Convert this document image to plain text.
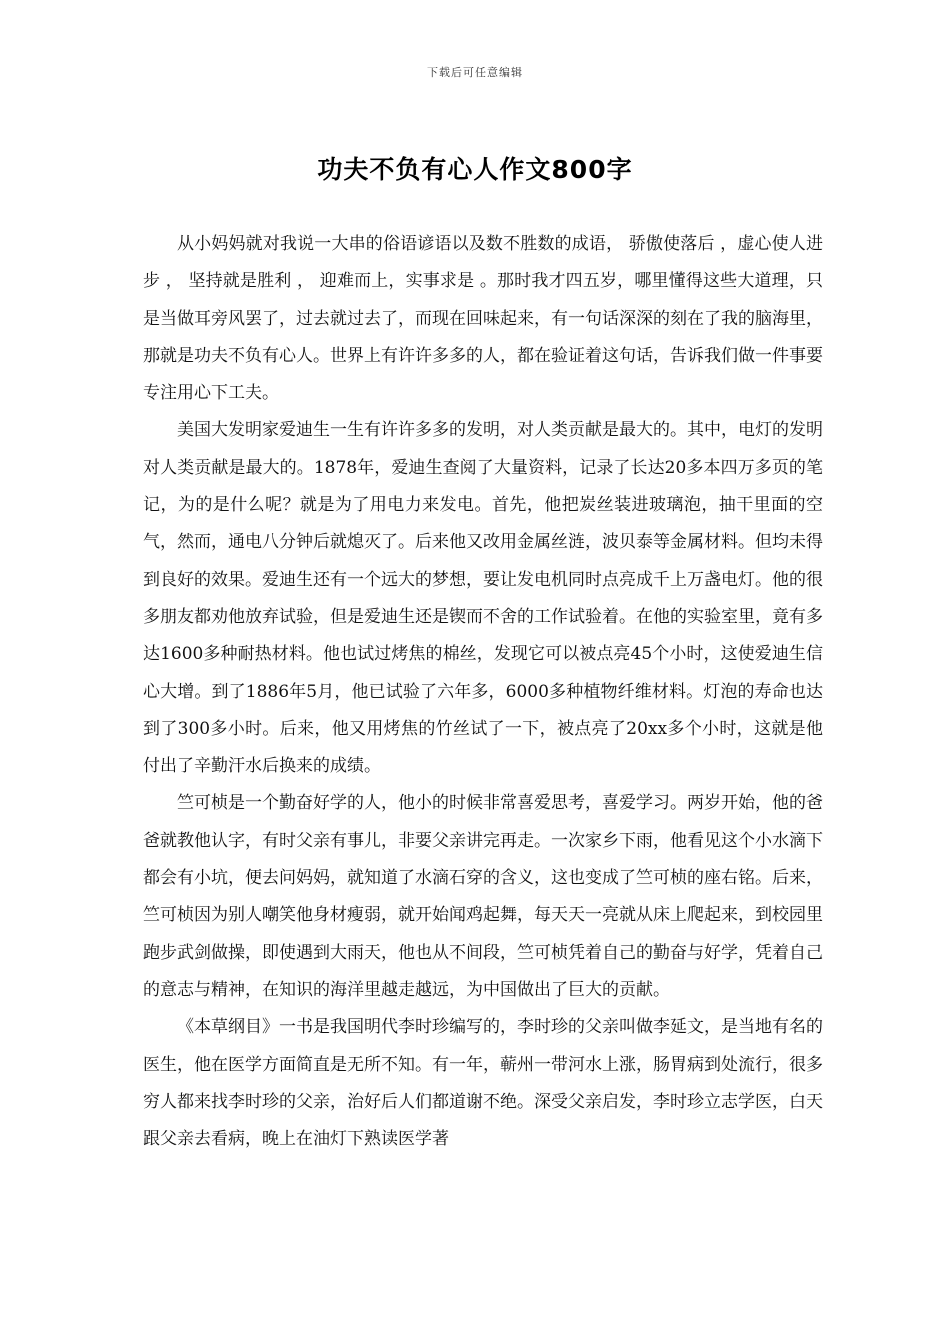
下载后可任意编辑
功夫不负有心人作文800字

从小妈妈就对我说一大串的俗语谚语以及数不胜数的成语， 骄傲使落后 ，虚心使人进步 ， 坚持就是胜利 ， 迎难而上，实事求是 。那时我才四五岁，哪里懂得这些大道理，只是当做耳旁风罢了，过去就过去了，而现在回味起来，有一句话深深的刻在了我的脑海里，那就是功夫不负有心人。世界上有许许多多的人，都在验证着这句话，告诉我们做一件事要专注用心下工夫。

美国大发明家爱迪生一生有许许多多的发明，对人类贡献是最大的。其中，电灯的发明对人类贡献是最大的。1878年，爱迪生查阅了大量资料，记录了长达20多本四万多页的笔记，为的是什么呢？就是为了用电力来发电。首先，他把炭丝装进玻璃泡，抽干里面的空气，然而，通电八分钟后就熄灭了。后来他又改用金属丝涟，波贝泰等金属材料。但均未得到良好的效果。爱迪生还有一个远大的梦想，要让发电机同时点亮成千上万盏电灯。他的很多朋友都劝他放弃试验，但是爱迪生还是锲而不舍的工作试验着。在他的实验室里，竟有多达1600多种耐热材料。他也试过烤焦的棉丝，发现它可以被点亮45个小时，这使爱迪生信心大增。到了1886年5月，他已试验了六年多，6000多种植物纤维材料。灯泡的寿命也达到了300多小时。后来，他又用烤焦的竹丝试了一下，被点亮了20xx多个小时，这就是他付出了辛勤汗水后换来的成绩。

竺可桢是一个勤奋好学的人，他小的时候非常喜爱思考，喜爱学习。两岁开始，他的爸爸就教他认字，有时父亲有事儿，非要父亲讲完再走。一次家乡下雨，他看见这个小水滴下都会有小坑，便去问妈妈，就知道了水滴石穿的含义，这也变成了竺可桢的座右铭。后来，竺可桢因为别人嘲笑他身材瘦弱，就开始闻鸡起舞，每天天一亮就从床上爬起来，到校园里跑步武剑做操，即使遇到大雨天，他也从不间段，竺可桢凭着自己的勤奋与好学，凭着自己的意志与精神，在知识的海洋里越走越远，为中国做出了巨大的贡献。

《本草纲目》一书是我国明代李时珍编写的，李时珍的父亲叫做李延文，是当地有名的医生，他在医学方面简直是无所不知。有一年，蕲州一带河水上涨，肠胃病到处流行，很多穷人都来找李时珍的父亲，治好后人们都道谢不绝。深受父亲启发，李时珍立志学医，白天跟父亲去看病，晚上在油灯下熟读医学著
